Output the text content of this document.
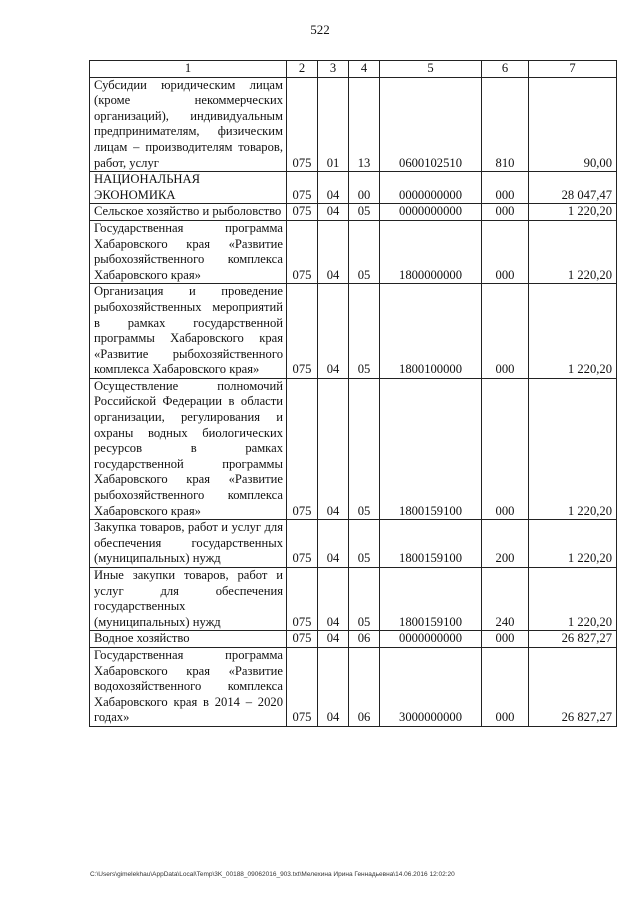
522
1	2	3	4	5	6	7
Субсидии юридическим лицам (кроме некоммерческих организаций), индивидуальным предпринимателям, физическим лицам – производителям товаров, работ, услуг	075	01	13	0600102510	810	90,00
НАЦИОНАЛЬНАЯ ЭКОНОМИКА	075	04	00	0000000000	000	28 047,47
Сельское хозяйство и рыболовство	075	04	05	0000000000	000	1 220,20
Государственная программа Хабаровского края «Развитие рыбохозяйственного комплекса Хабаровского края»	075	04	05	1800000000	000	1 220,20
Организация и проведение рыбохозяйственных мероприятий в рамках государственной программы Хабаровского края «Развитие рыбохозяйственного комплекса Хабаровского края»	075	04	05	1800100000	000	1 220,20
Осуществление полномочий Российской Федерации в области организации, регулирования и охраны водных биологических ресурсов в рамках государственной программы Хабаровского края «Развитие рыбохозяйственного комплекса Хабаровского края»	075	04	05	1800159100	000	1 220,20
Закупка товаров, работ и услуг для обеспечения государственных (муниципальных) нужд	075	04	05	1800159100	200	1 220,20
Иные закупки товаров, работ и услуг для обеспечения государственных (муниципальных) нужд	075	04	05	1800159100	240	1 220,20
Водное хозяйство	075	04	06	0000000000	000	26 827,27
Государственная программа Хабаровского края «Развитие водохозяйственного комплекса Хабаровского края в 2014 – 2020 годах»	075	04	06	3000000000	000	26 827,27
C:\Users\gimelekhau\AppData\Local\Temp\3K_00188_09062016_903.txt\Мелехина Ирина Геннадьевна\14.06.2016 12:02:20
